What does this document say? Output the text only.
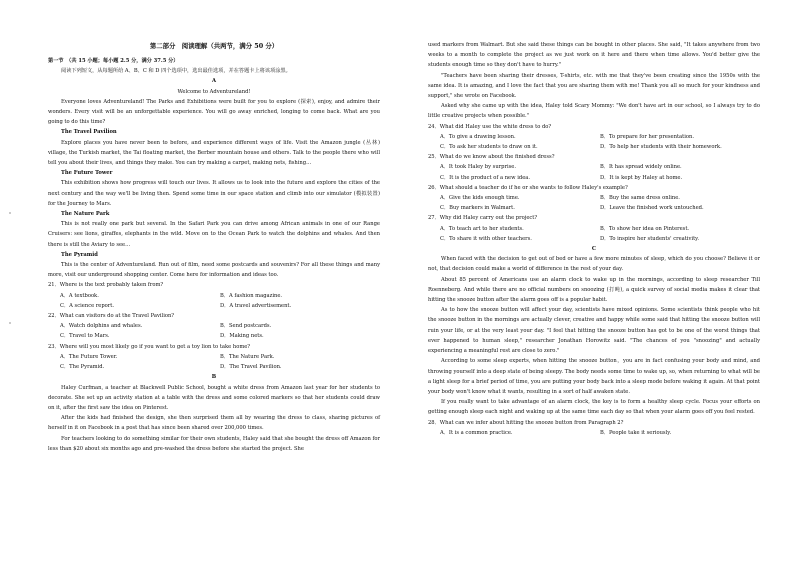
第二部分　阅读理解（共两节，满分 50 分）

第一节　（共 15 小题；每小题 2.5 分，满分 37.5 分）

阅读下列短文，从每题所给 A、B、C 和 D 四个选项中，选出最佳选项，并在答题卡上将该项涂黑。

A

Welcome to Adventureland!

Everyone loves Adventureland! The Parks and Exhibitions were built for you to explore (探索), enjoy, and admire their wonders. Every visit will be an unforgettable experience. You will go away enriched, longing to come back. What are you going to do this time?

The Travel Pavilion

Explore places you have never been to before, and experience different ways of life. Visit the Amazon jungle (丛林) village, the Turkish market, the Tai floating market, the Berber mountain house and others. Talk to the people there who will tell you about their lives, and things they make. You can try making a carpet, making nets, fishing…

The Future Tower

This exhibition shows how progress will touch our lives. It allows us to look into the future and explore the cities of the next century and the way we'll be living then. Spend some time in our space station and climb into our simulator (模拟装置) for the Journey to Mars.

The Nature Park

This is not really one park but several. In the Safari Park you can drive among African animals in one of our Range Cruisers: see lions, giraffes, elephants in the wild. Move on to the Ocean Park to watch the dolphins and whales. And then there is still the Aviary to see…

The Pyramid

This is the center of Adventureland. Run out of film, need some postcards and souvenirs? For all these things and many more, visit our underground shopping center. Come here for information and ideas too.

21．Where is the text probably taken from?

A．A textbook.	B．A fashion magazine.
C．A science report.	D．A travel advertisement.

22．What can visitors do at the Travel Pavilion?

A．Watch dolphins and whales.	B．Send postcards.
C．Travel to Mars.	D．Making nets.

23．Where will you most likely go if you want to get a toy lion to take home?

A．The Future Tower.	B．The Nature Park.
C．The Pyramid.	D．The Travel Pavilion.

B

Haley Curfman, a teacher at Blackwell Public School, bought a white dress from Amazon last year for her students to decorate. She set up an activity station at a table with the dress and some colored markers so that her students could draw on it, after the first saw the idea on Pinterest.

After the kids had finished the design, she then surprised them all by wearing the dress to class, sharing pictures of herself in it on Facebook in a post that has since been shared over 200,000 times.

For teachers looking to do something similar for their own students, Haley said that she bought the dress off Amazon for less than $20 about six months ago and pre-washed the dress before she started the project. She

used markers from Walmart. But she said these things can be bought in other places. She said, "It takes anywhere from two weeks to a month to complete the project as we just work on it here and there when time allows. You'd better give the students enough time so they don't have to hurry."

"Teachers have been sharing their dresses, T-shirts, etc. with me that they've been creating since the 1950s with the same idea. It is amazing, and I love the fact that you are sharing them with me! Thank you all so much for your kindness and support," she wrote on Facebook.

Asked why she came up with the idea, Haley told Scary Mommy: "We don't have art in our school, so I always try to do little creative projects when possible."

24．What did Haley use the white dress to do?

A．To give a drawing lesson.	B．To prepare for her presentation.
C．To ask her students to draw on it.	D．To help her students with their homework.

25．What do we know about the finished dress?

A．It took Haley by surprise.	B．It has spread widely online.
C．It is the product of a new idea.	D．It is kept by Haley at home.

26．What should a teacher do if he or she wants to follow Haley's example?

A．Give the kids enough time.	B．Buy the same dress online.
C．Buy markers in Walmart.	D．Leave the finished work untouched.

27．Why did Haley carry out the project?

A．To teach art to her students.	B．To show her idea on Pinterest.
C．To share it with other teachers.	D．To inspire her students' creativity.

C

When faced with the decision to get out of bed or have a few more minutes of sleep, which do you choose? Believe it or not, that decision could make a world of difference in the rest of your day.

About 85 percent of Americans use an alarm clock to wake up in the mornings, according to sleep researcher Till Roenneberg. And while there are no official numbers on snoozing (打盹), a quick survey of social media makes it clear that hitting the snooze button after the alarm goes off is a popular habit.

As to how the snooze button will affect your day, scientists have mixed opinions. Some scientists think people who hit the snooze button in the mornings are actually clever, creative and happy while some said that hitting the snooze button will ruin your life, or at the very least your day. "I feel that hitting the snooze button has got to be one of the worst things that ever happened to human sleep," researcher Jonathan Horowitz said. "The chances of you "snoozing" and actually experiencing a meaningful rest are close to zero."

According to some sleep experts, when hitting the snooze button，you are in fact confusing your body and mind, and throwing yourself into a deep state of being sleepy. The body needs some time to wake up, so, when returning to what will be a light sleep for a brief period of time, you are putting your body back into a sleep mode before waking it again. At that point your body won't know what it wants, resulting in a sort of half awaken state.

If you really want to take advantage of an alarm clock, the key is to form a healthy sleep cycle. Focus your efforts on getting enough sleep each night and waking up at the same time each day so that when your alarm goes off you feel rested.

28．What can we infer about hitting the snooze button from Paragraph 2?

A．It is a common practice.	B．People take it seriously.
